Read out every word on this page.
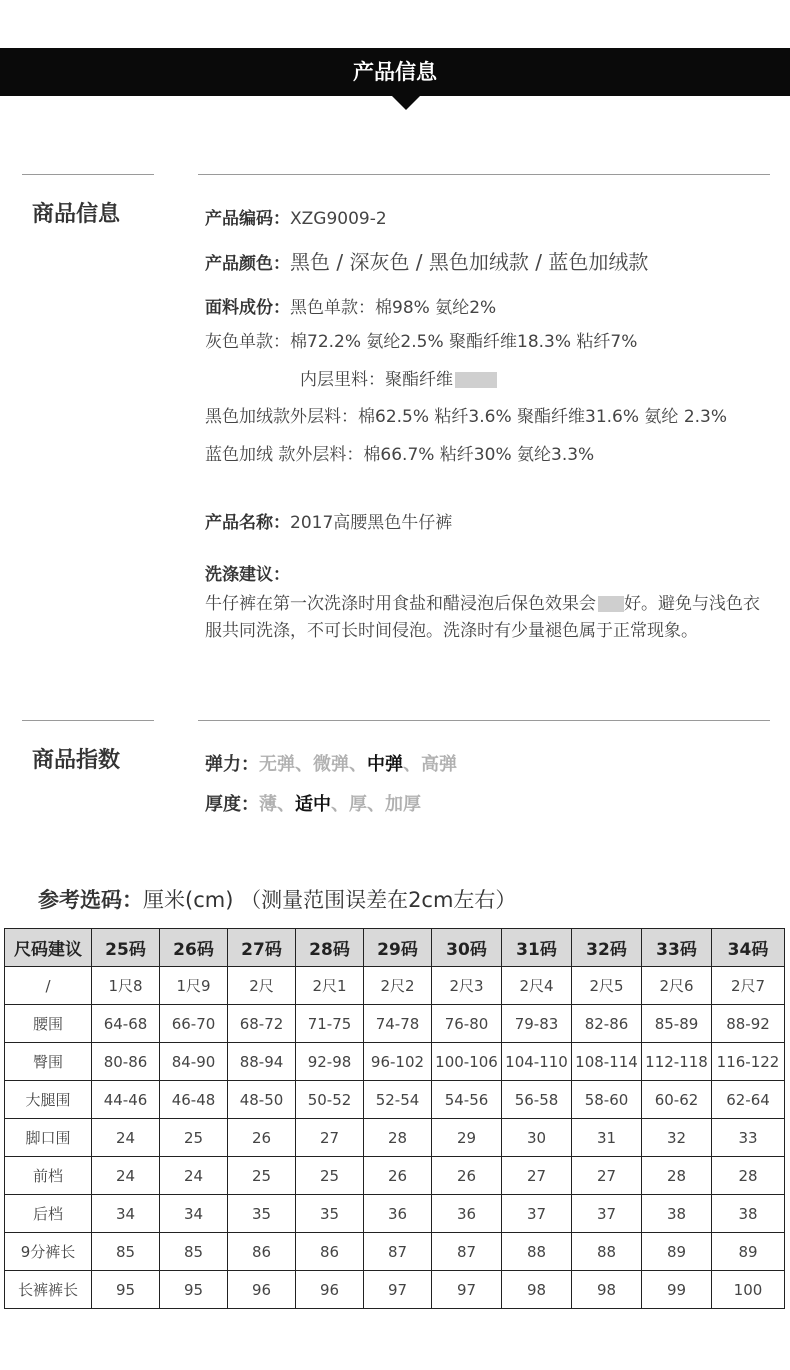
产品信息
商品信息	产品编码：XZG9009-2
产品颜色：黑色 / 深灰色 / 黑色加绒款 / 蓝色加绒款
面料成份：黑色单款：棉98% 氨纶2%
灰色单款：棉72.2% 氨纶2.5% 聚酯纤维18.3% 粘纤7%
内层里料：聚酯纤维
黑色加绒款外层料：棉62.5% 粘纤3.6% 聚酯纤维31.6% 氨纶 2.3%
蓝色加绒 款外层料：棉66.7% 粘纤30% 氨纶3.3%
产品名称：2017高腰黑色牛仔裤
洗涤建议：
牛仔裤在第一次洗涤时用食盐和醋浸泡后保色效果会 好。避免与浅色衣服共同洗涤，不可长时间侵泡。洗涤时有少量褪色属于正常现象。
商品指数	弹力：无弹、微弹、中弹、高弹
厚度：薄、适中、厚、加厚
参考选码：厘米(cm) （测量范围误差在2cm左右）
尺码建议	25码	26码	27码	28码	29码	30码	31码	32码	33码	34码
/	1尺8	1尺9	2尺	2尺1	2尺2	2尺3	2尺4	2尺5	2尺6	2尺7
腰围	64-68	66-70	68-72	71-75	74-78	76-80	79-83	82-86	85-89	88-92
臀围	80-86	84-90	88-94	92-98	96-102	100-106	104-110	108-114	112-118	116-122
大腿围	44-46	46-48	48-50	50-52	52-54	54-56	56-58	58-60	60-62	62-64
脚口围	24	25	26	27	28	29	30	31	32	33
前档	24	24	25	25	26	26	27	27	28	28
后档	34	34	35	35	36	36	37	37	38	38
9分裤长	85	85	86	86	87	87	88	88	89	89
长裤裤长	95	95	96	96	97	97	98	98	99	100
